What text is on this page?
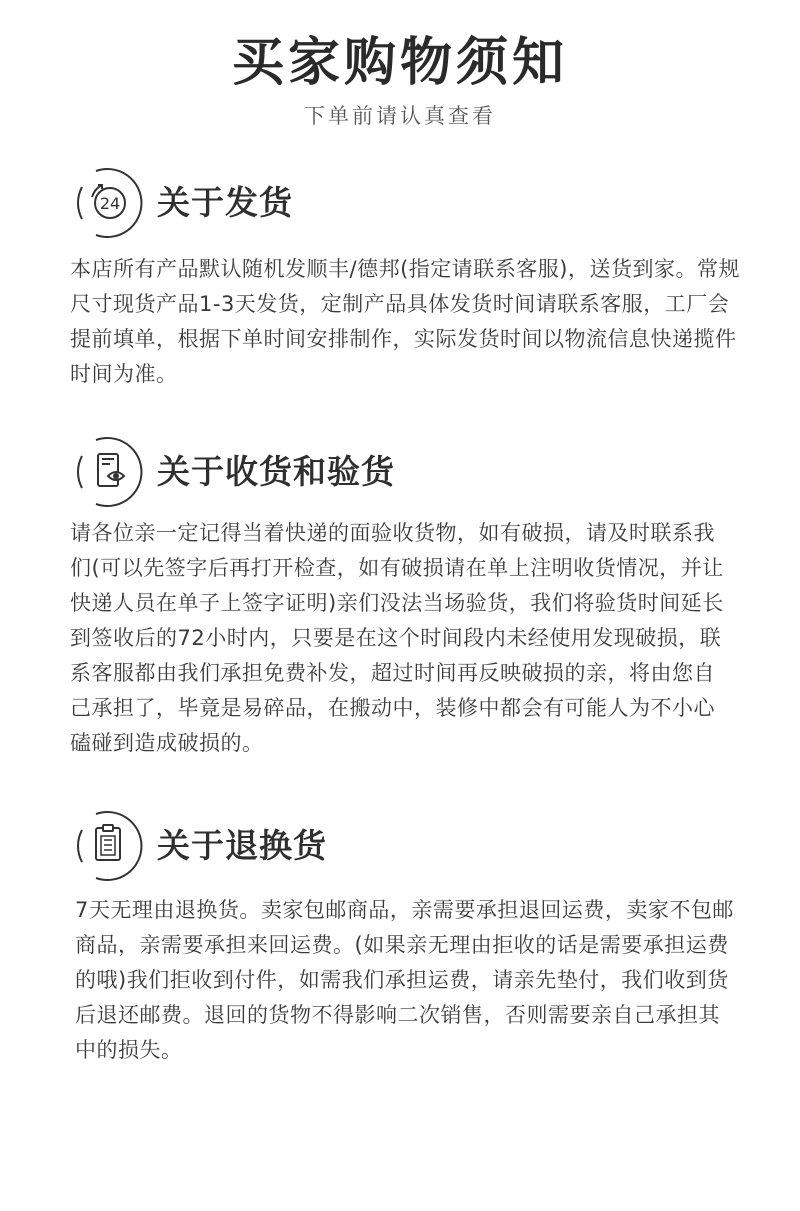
买家购物须知
下单前请认真查看
24 关于发货
本店所有产品默认随机发顺丰/德邦(指定请联系客服)，送货到家。常规尺寸现货产品1-3天发货，定制产品具体发货时间请联系客服，工厂会提前填单，根据下单时间安排制作，实际发货时间以物流信息快递揽件时间为准。
关于收货和验货
请各位亲一定记得当着快递的面验收货物，如有破损，请及时联系我们(可以先签字后再打开检查，如有破损请在单上注明收货情况，并让快递人员在单子上签字证明)亲们没法当场验货，我们将验货时间延长到签收后的72小时内，只要是在这个时间段内未经使用发现破损，联系客服都由我们承担免费补发，超过时间再反映破损的亲，将由您自己承担了，毕竟是易碎品，在搬动中，装修中都会有可能人为不小心磕碰到造成破损的。
关于退换货
7天无理由退换货。卖家包邮商品，亲需要承担退回运费，卖家不包邮商品，亲需要承担来回运费。(如果亲无理由拒收的话是需要承担运费的哦)我们拒收到付件，如需我们承担运费，请亲先垫付，我们收到货后退还邮费。退回的货物不得影响二次销售，否则需要亲自己承担其中的损失。
